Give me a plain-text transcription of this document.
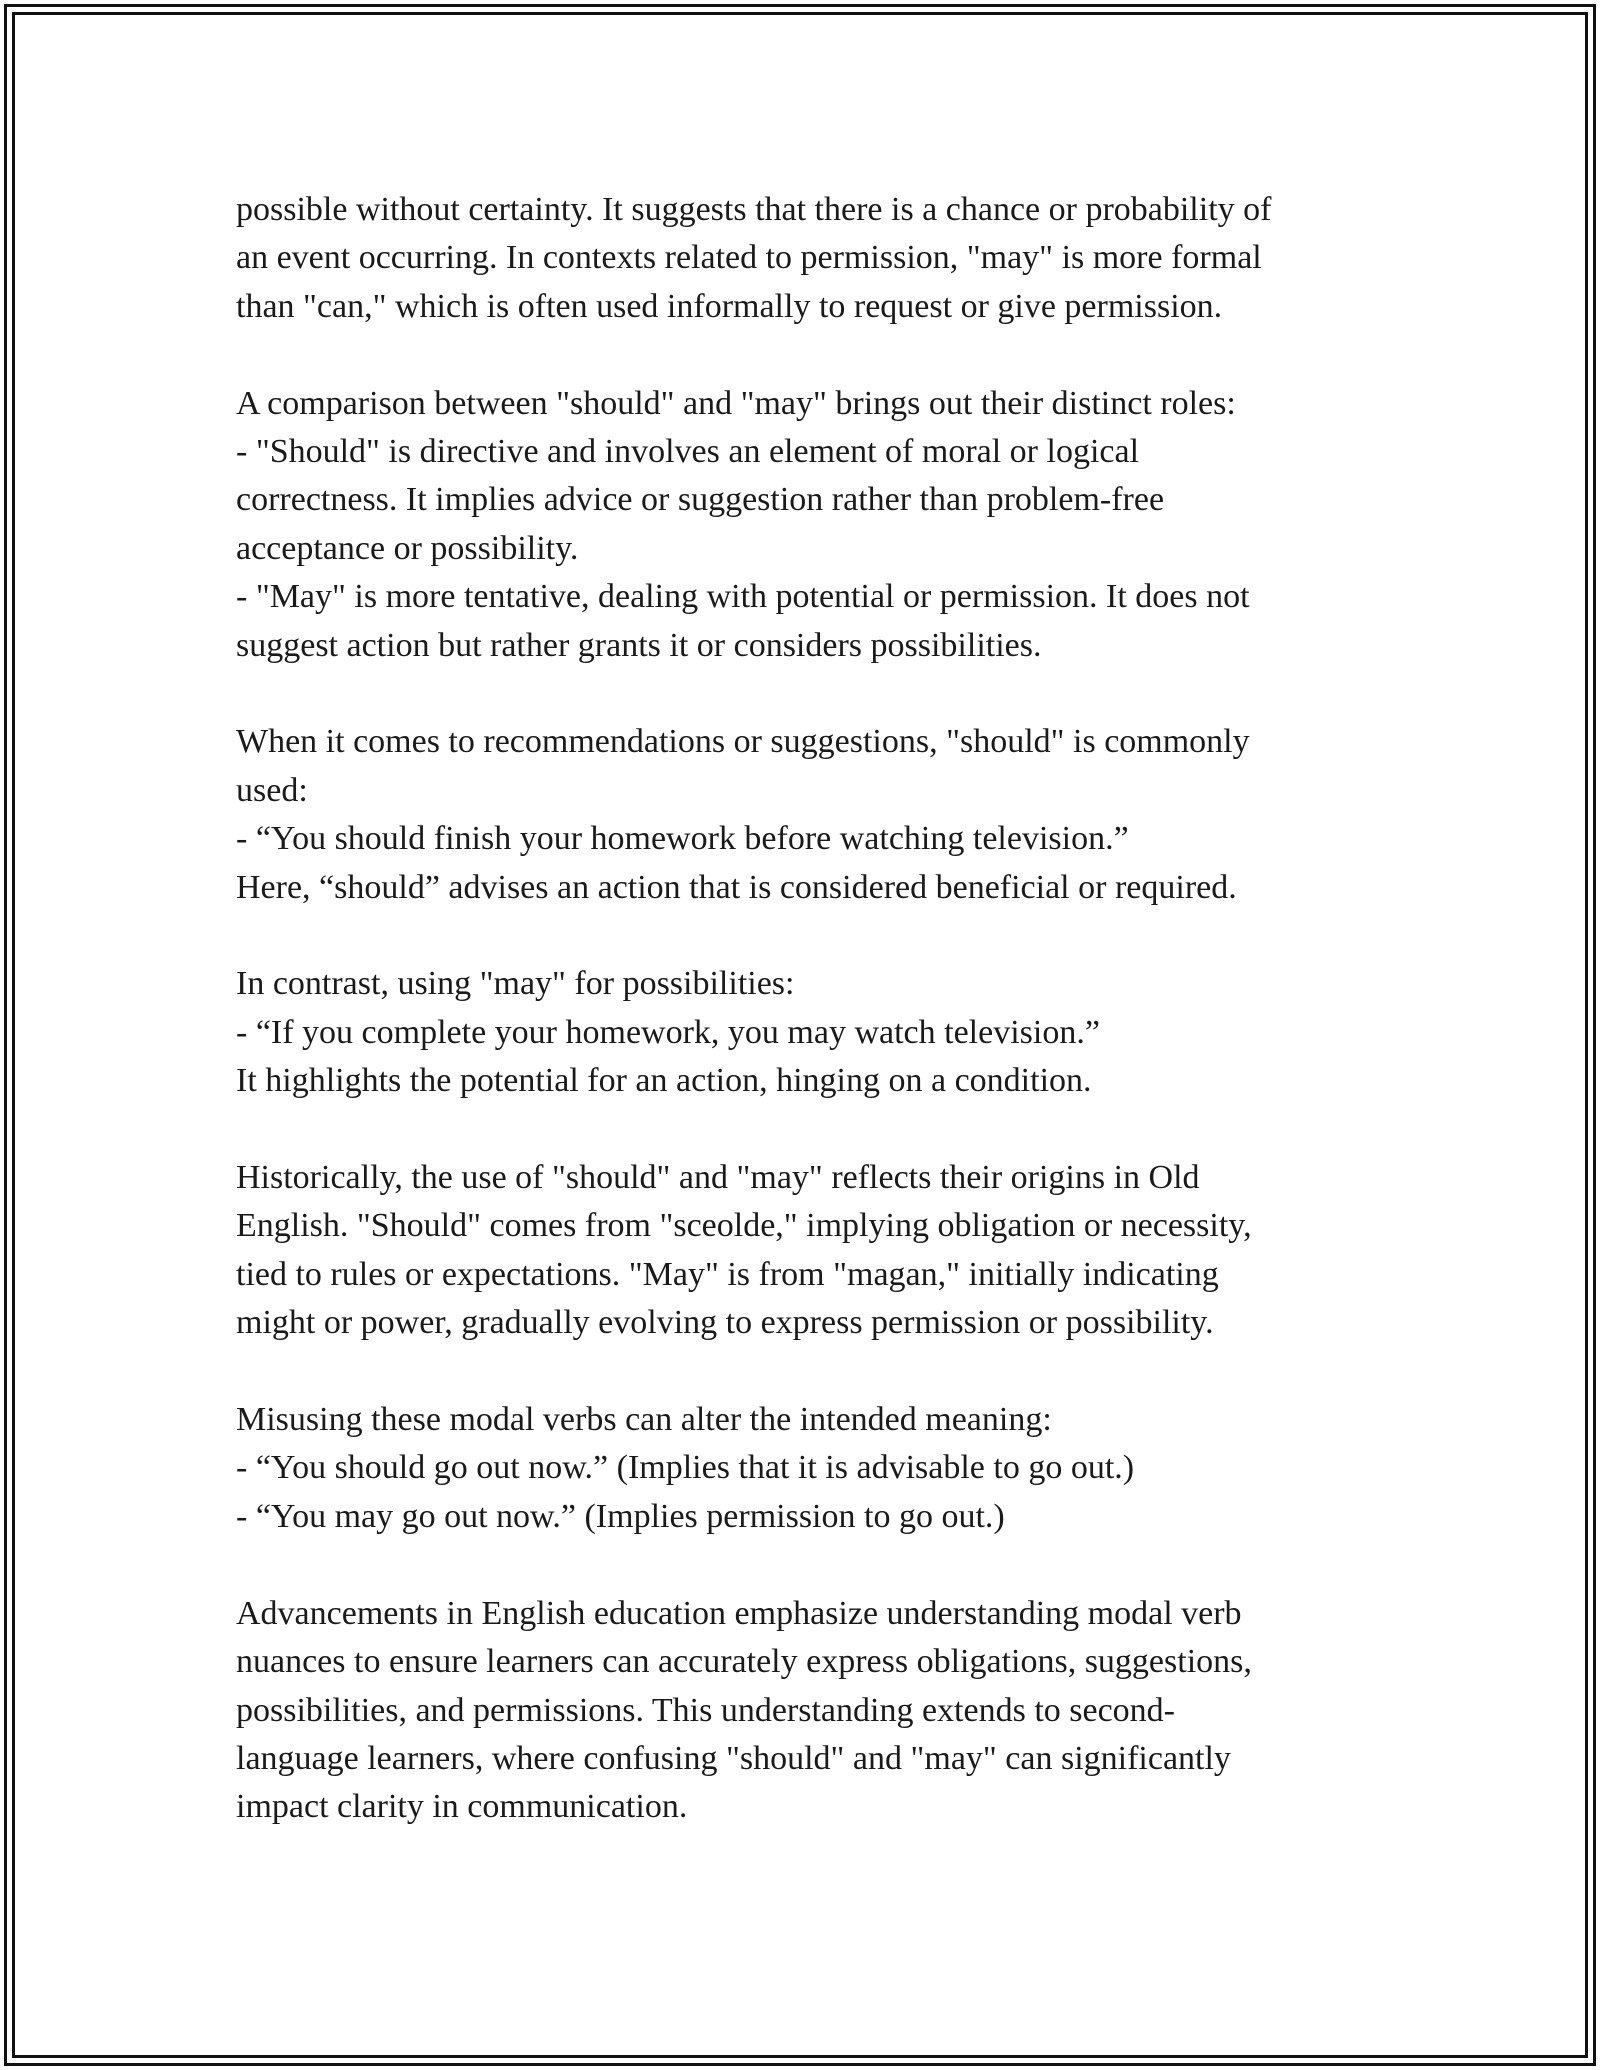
possible without certainty. It suggests that there is a chance or probability of
an event occurring. In contexts related to permission, "may" is more formal
than "can," which is often used informally to request or give permission.
A comparison between "should" and "may" brings out their distinct roles:
- "Should" is directive and involves an element of moral or logical
correctness. It implies advice or suggestion rather than problem-free
acceptance or possibility.
- "May" is more tentative, dealing with potential or permission. It does not
suggest action but rather grants it or considers possibilities.
When it comes to recommendations or suggestions, "should" is commonly
used:
- “You should finish your homework before watching television.”
Here, “should” advises an action that is considered beneficial or required.
In contrast, using "may" for possibilities:
- “If you complete your homework, you may watch television.”
It highlights the potential for an action, hinging on a condition.
Historically, the use of "should" and "may" reflects their origins in Old
English. "Should" comes from "sceolde," implying obligation or necessity,
tied to rules or expectations. "May" is from "magan," initially indicating
might or power, gradually evolving to express permission or possibility.
Misusing these modal verbs can alter the intended meaning:
- “You should go out now.” (Implies that it is advisable to go out.)
- “You may go out now.” (Implies permission to go out.)
Advancements in English education emphasize understanding modal verb
nuances to ensure learners can accurately express obligations, suggestions,
possibilities, and permissions. This understanding extends to second-
language learners, where confusing "should" and "may" can significantly
impact clarity in communication.
